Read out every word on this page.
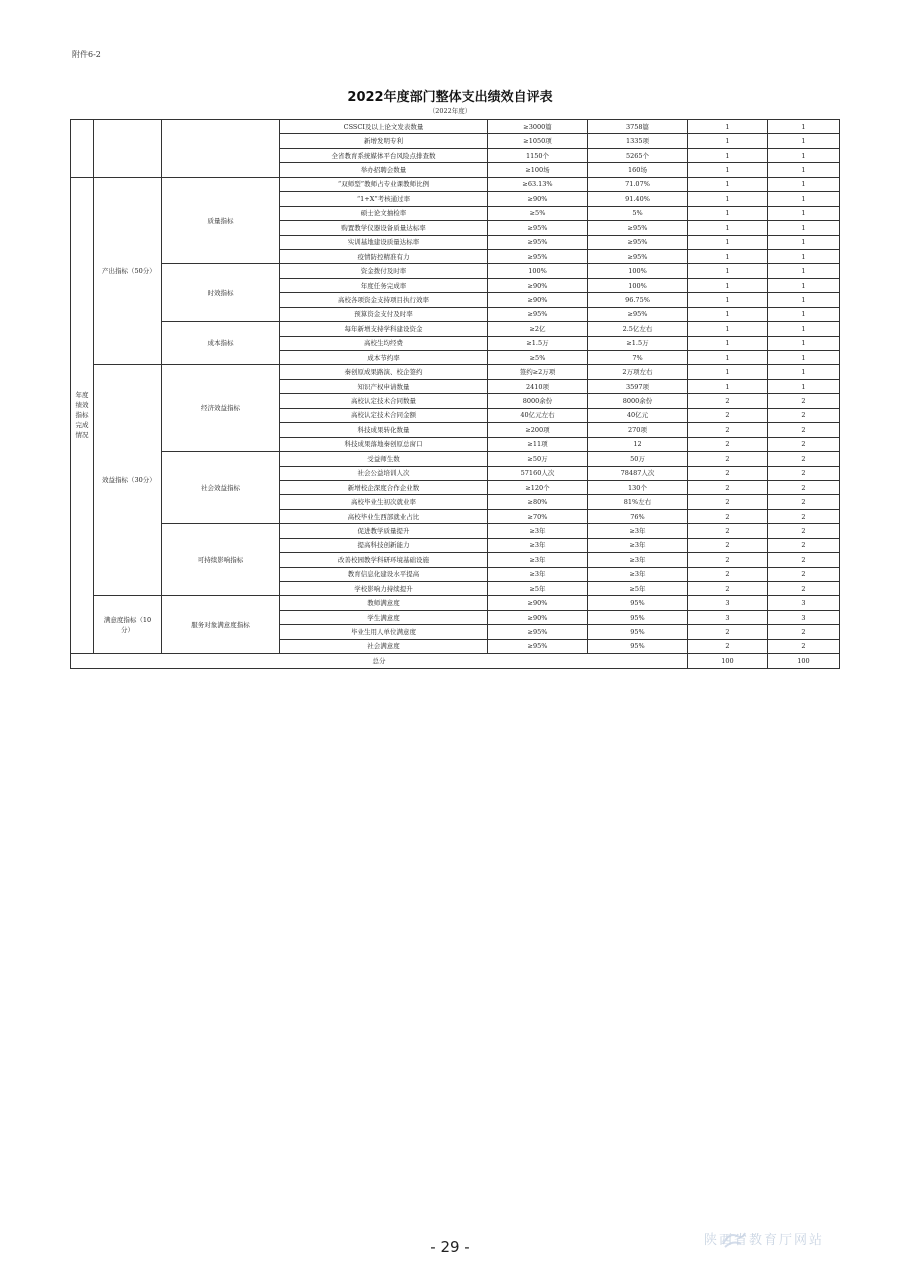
附件6-2
2022年度部门整体支出绩效自评表
（2022年度）
			CSSCI及以上论文发表数量	≥3000篇	3758篇	1	1
			新增发明专利	≥1050项	1335项	1	1
			全省教育系统媒体平台风险点排查数	1150个	5265个	1	1
			举办招聘会数量	≥100场	160场	1	1
年度绩效指标完成情况	产出指标（50分）	质量指标	“双师型”教师占专业课教师比例	≥63.13%	71.07%	1	1
			“1+X”考核通过率	≥90%	91.40%	1	1
			硕士论文抽检率	≥5%	5%	1	1
			购置教学仪器设备质量达标率	≥95%	≥95%	1	1
			实训基地建设质量达标率	≥95%	≥95%	1	1
			疫情防控精准有力	≥95%	≥95%	1	1
		时效指标	资金拨付及时率	100%	100%	1	1
			年度任务完成率	≥90%	100%	1	1
			高校各项资金支持项目执行效率	≥90%	96.75%	1	1
			预算资金支付及时率	≥95%	≥95%	1	1
		成本指标	每年新增支持学科建设资金	≥2亿	2.5亿左右	1	1
			高校生均经费	≥1.5万	≥1.5万	1	1
			成本节约率	≥5%	7%	1	1
	效益指标（30分）	经济效益指标	秦创原成果路演、校企签约	签约≥2万项	2万项左右	1	1
			知识产权申请数量	2410项	3597项	1	1
			高校认定技术合同数量	8000余份	8000余份	2	2
			高校认定技术合同金额	40亿元左右	40亿元	2	2
			科技成果转化数量	≥200项	270项	2	2
			科技成果落地秦创原总窗口	≥11项	12	2	2
		社会效益指标	受益师生数	≥50万	50万	2	2
			社会公益培训人次	57160人次	78487人次	2	2
			新增校企深度合作企业数	≥120个	130个	2	2
			高校毕业生初次就业率	≥80%	81%左右	2	2
			高校毕业生西部就业占比	≥70%	76%	2	2
		可持续影响指标	促进教学质量提升	≥3年	≥3年	2	2
			提高科技创新能力	≥3年	≥3年	2	2
			改善校园教学科研环境基础设施	≥3年	≥3年	2	2
			教育信息化建设水平提高	≥3年	≥3年	2	2
			学校影响力持续提升	≥5年	≥5年	2	2
	满意度指标（10分）	服务对象满意度指标	教师满意度	≥90%	95%	3	3
			学生满意度	≥90%	95%	3	3
			毕业生用人单位满意度	≥95%	95%	2	2
			社会满意度	≥95%	95%	2	2
总分						100	100
- 29 -	陕西省教育厅网站
